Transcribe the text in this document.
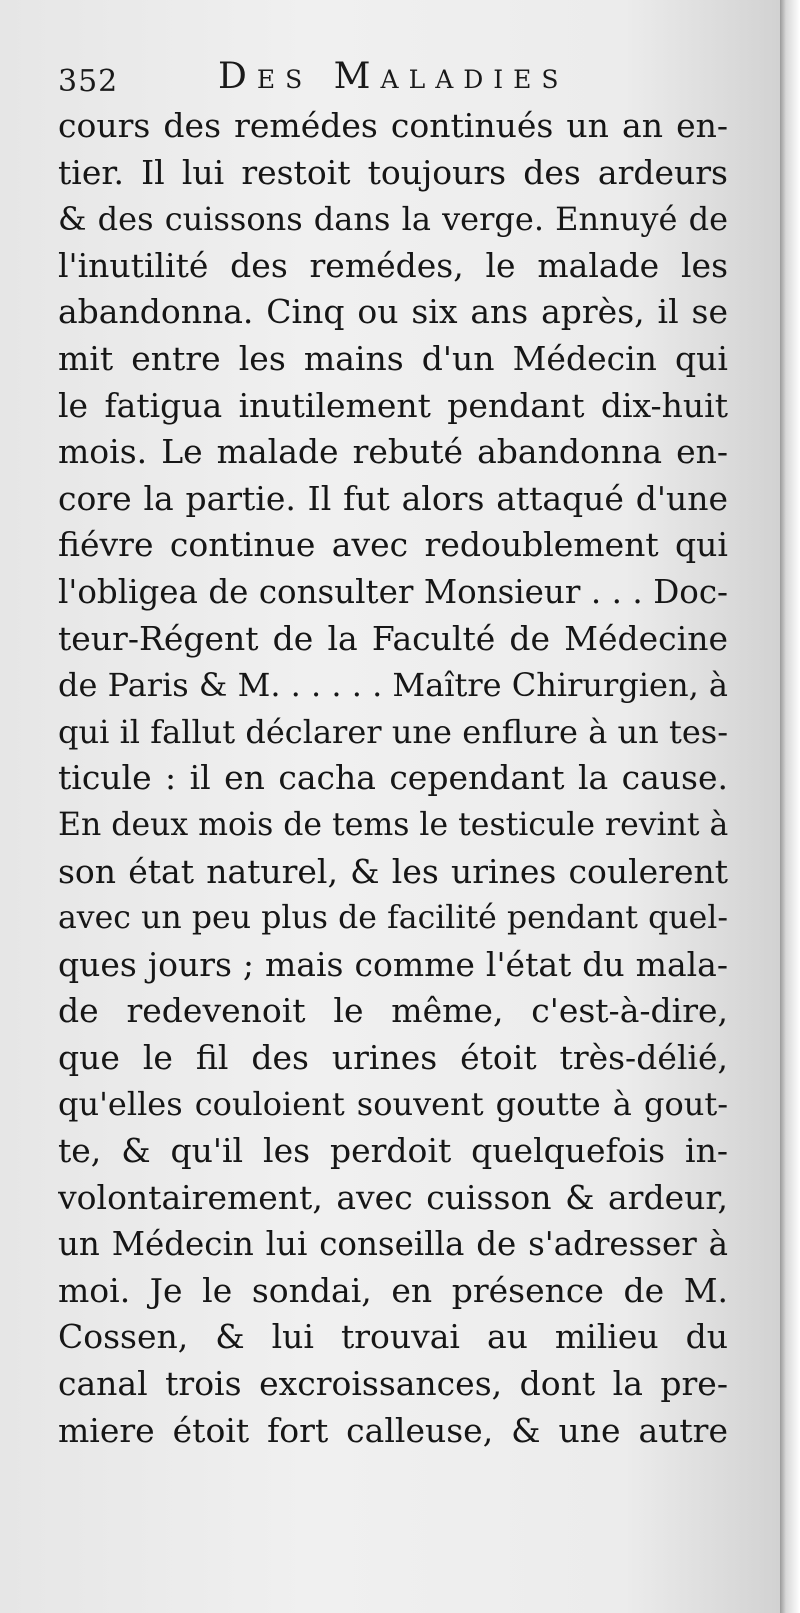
352	Des Maladies
cours des remédes continués un an en-
tier. Il lui restoit toujours des ardeurs
& des cuissons dans la verge. Ennuyé de
l'inutilité des remédes, le malade les
abandonna. Cinq ou six ans après, il se
mit entre les mains d'un Médecin qui
le fatigua inutilement pendant dix-huit
mois. Le malade rebuté abandonna en-
core la partie. Il fut alors attaqué d'une
fiévre continue avec redoublement qui
l'obligea de consulter Monsieur . . . Doc-
teur-Régent de la Faculté de Médecine
de Paris & M. . . . . . Maître Chirurgien, à
qui il fallut déclarer une enflure à un tes-
ticule : il en cacha cependant la cause.
En deux mois de tems le testicule revint à
son état naturel, & les urines coulerent
avec un peu plus de facilité pendant quel-
ques jours ; mais comme l'état du mala-
de redevenoit le même, c'est-à-dire,
que le fil des urines étoit très-délié,
qu'elles couloient souvent goutte à gout-
te, & qu'il les perdoit quelquefois in-
volontairement, avec cuisson & ardeur,
un Médecin lui conseilla de s'adresser à
moi. Je le sondai, en présence de M.
Cossen, & lui trouvai au milieu du
canal trois excroissances, dont la pre-
miere étoit fort calleuse, & une autre
